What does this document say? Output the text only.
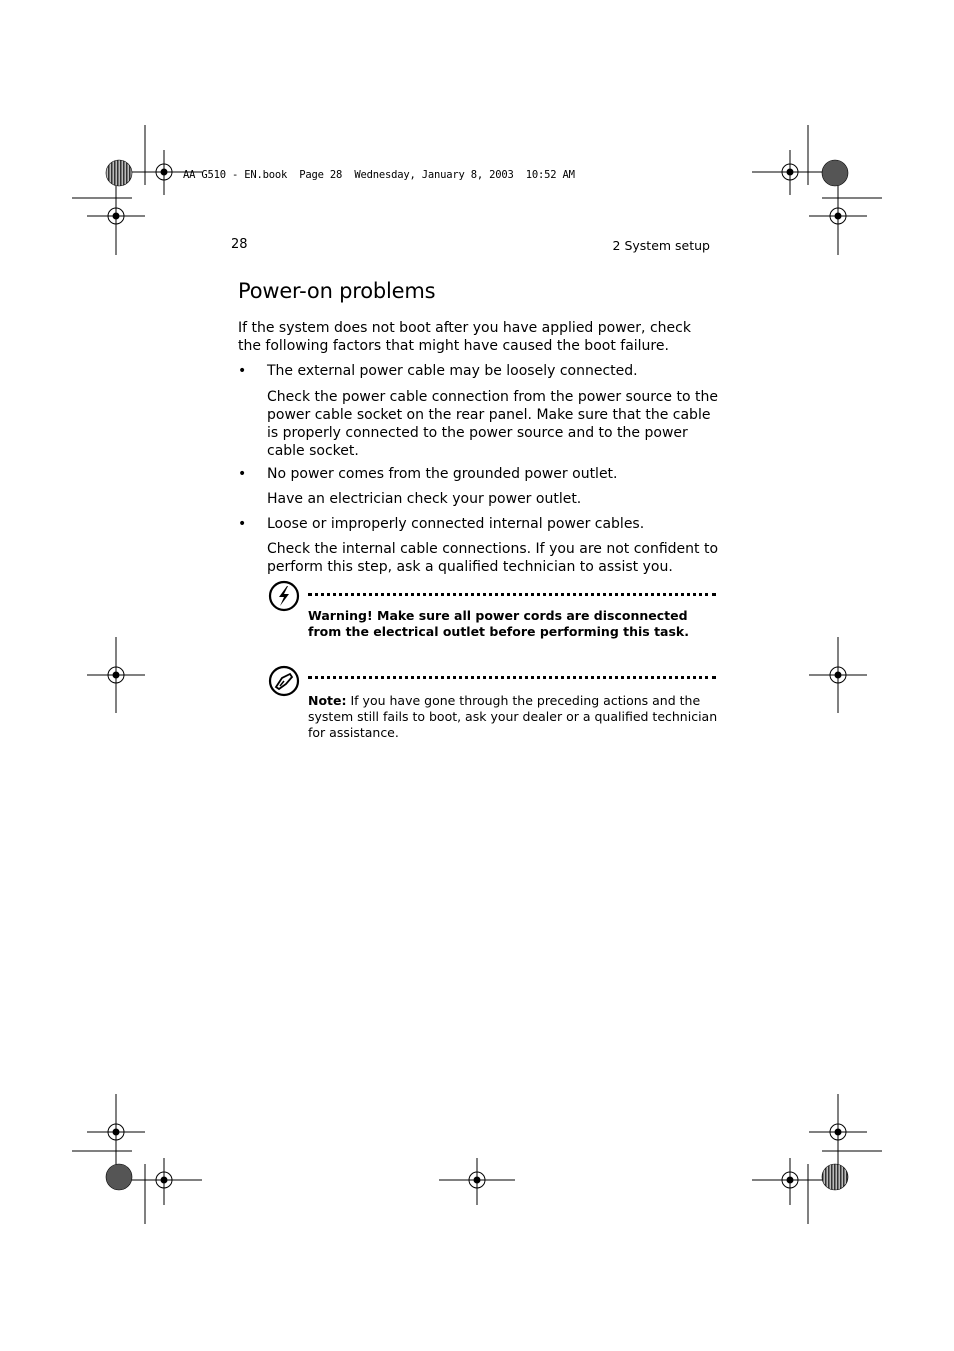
AA G510 - EN.book  Page 28  Wednesday, January 8, 2003  10:52 AM
28	2 System setup
Power-on problems
If the system does not boot after you have applied power, check the following factors that might have caused the boot failure.
• The external power cable may be loosely connected.
Check the power cable connection from the power source to the power cable socket on the rear panel. Make sure that the cable is properly connected to the power source and to the power cable socket.
• No power comes from the grounded power outlet.
Have an electrician check your power outlet.
• Loose or improperly connected internal power cables.
Check the internal cable connections. If you are not confident to perform this step, ask a qualified technician to assist you.
Warning! Make sure all power cords are disconnected from the electrical outlet before performing this task.
Note: If you have gone through the preceding actions and the system still fails to boot, ask your dealer or a qualified technician for assistance.
